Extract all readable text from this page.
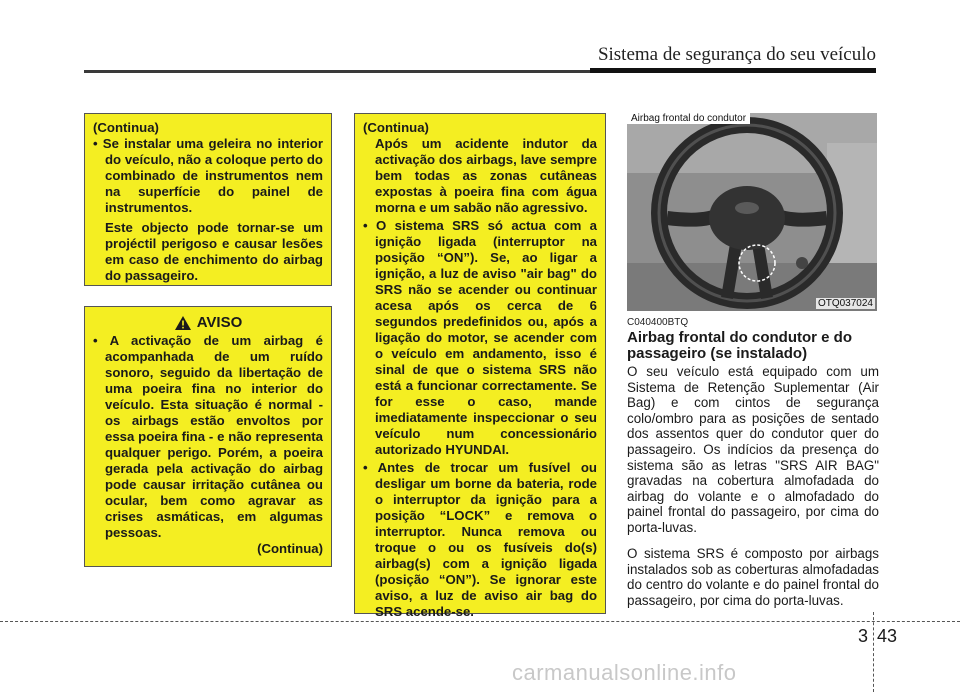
Sistema de segurança do seu veículo

(Continua)

• Se instalar uma geleira no interior do veículo, não a coloque perto do combinado de instrumentos nem na superfície do painel de instrumentos.

Este objecto pode tornar-se um projéctil perigoso e causar lesões em caso de enchimento do airbag do passageiro.

AVISO

• A activação de um airbag é acompanhada de um ruído sonoro, seguido da libertação de uma poeira fina no interior do veículo. Esta situação é normal - os airbags estão envoltos por essa poeira fina - e não representa qualquer perigo. Porém, a poeira gerada pela activação do airbag pode causar irritação cutânea ou ocular, bem como agravar as crises asmáticas, em algumas pessoas.

(Continua)

(Continua)

Após um acidente indutor da activação dos airbags, lave sempre bem todas as zonas cutâneas expostas à poeira fina com água morna e um sabão não agressivo.

• O sistema SRS só actua com a ignição ligada (interruptor na posição “ON”). Se, ao ligar a ignição, a luz de aviso "air bag" do SRS não se acender ou continuar acesa após os cerca de 6 segundos predefinidos ou, após a ligação do motor, se acender com o veículo em andamento, isso é sinal de que o sistema SRS não está a funcionar correctamente. Se for esse o caso, mande imediatamente inspeccionar o seu veículo num concessionário autorizado HYUNDAI.

• Antes de trocar um fusível ou desligar um borne da bateria, rode o interruptor da ignição para a posição “LOCK” e remova o interruptor. Nunca remova ou troque o ou os fusíveis do(s) airbag(s) com a ignição ligada (posição “ON”). Se ignorar este aviso, a luz de aviso air bag do SRS acende-se.

Airbag frontal do condutor
OTQ037024
C040400BTQ
Airbag frontal do condutor e do passageiro (se instalado)
O seu veículo está equipado com um Sistema de Retenção Suplementar (Air Bag) e com cintos de segurança colo/ombro para as posições de sentado dos assentos quer do condutor quer do passageiro. Os indícios da presença do sistema são as letras "SRS AIR BAG" gravadas na cobertura almofadada do airbag do volante e o almofadado do painel frontal do passageiro, por cima do porta-luvas.
O sistema SRS é composto por airbags instalados sob as coberturas almofadadas do centro do volante e do painel frontal do passageiro, por cima do porta-luvas.
3 43
carmanualsonline.info
